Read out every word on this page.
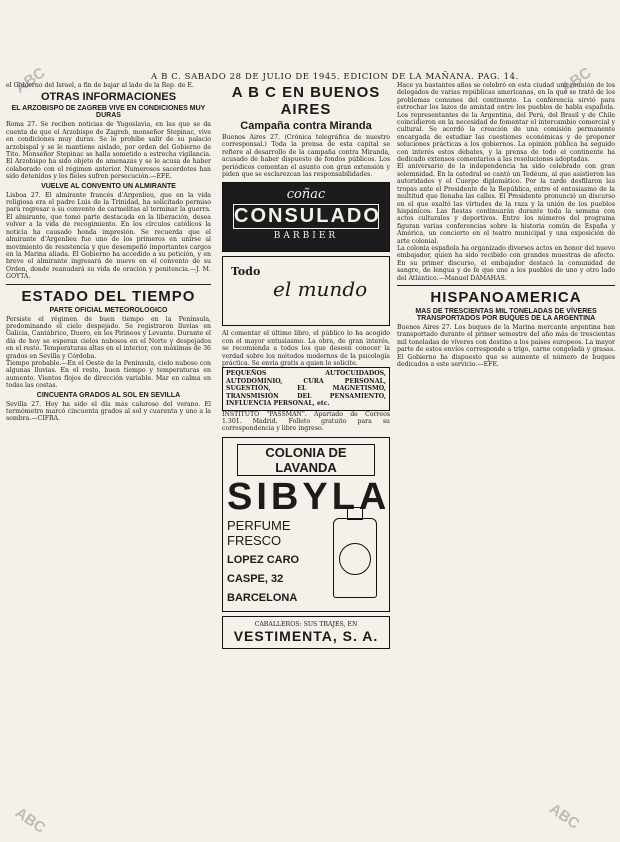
A B C. SABADO 28 DE JULIO DE 1945. EDICION DE LA MAÑANA. PAG. 14.
ABC	ABC
ABC	ABC

el Gobierno del Israel, a fin de bajar al lado de la Rep. de E.

OTRAS INFORMACIONES
EL ARZOBISPO DE ZAGREB VIVE EN CONDICIONES MUY DURAS

Roma 27. Se reciben noticias de Yugoslavia, en las que se da cuenta de que el Arzobispo de Zagreb, monseñor Stepinac, vive en condiciones muy duras. Se le prohíbe salir de su palacio arzobispal y se le mantiene aislado, por orden del Gobierno de Tito. Monseñor Stepinac se halla sometido a estrecha vigilancia. El Arzobispo ha sido objeto de amenazas y se le acusa de haber colaborado con el régimen anterior. Numerosos sacerdotes han sido detenidos y los fieles sufren persecución.—EFE.

VUELVE AL CONVENTO UN ALMIRANTE

Lisboa 27. El almirante francés d'Argenlieu, que en la vida religiosa era el padre Luis de la Trinidad, ha solicitado permiso para regresar a su convento de carmelitas al terminar la guerra. El almirante, que tomó parte destacada en la liberación, desea volver a la vida de recogimiento. En los círculos católicos la noticia ha causado honda impresión. Se recuerda que el almirante d'Argenlieu fue uno de los primeros en unirse al movimiento de resistencia y que desempeñó importantes cargos en la Marina aliada. El Gobierno ha accedido a su petición, y en breve el almirante ingresará de nuevo en el convento de su Orden, donde reanudará su vida de oración y penitencia.—J. M. GOYTA.

ESTADO DEL TIEMPO
PARTE OFICIAL METEOROLOGICO

Persiste el régimen de buen tiempo en la Península, predominando el cielo despejado. Se registraron lluvias en Galicia, Cantábrico, Duero, en los Pirineos y Levante. Durante el día de hoy se esperan cielos nubosos en el Norte y despejados en el resto. Temperaturas altas en el interior, con máximas de 36 grados en Sevilla y Córdoba.

Tiempo probable.—En el Oeste de la Península, cielo nuboso con algunas lluvias. En el resto, buen tiempo y temperaturas en aumento. Vientos flojos de dirección variable. Mar en calma en todas las costas.

CINCUENTA GRADOS AL SOL EN SEVILLA

Sevilla 27. Hoy ha sido el día más caluroso del verano. El termómetro marcó cincuenta grados al sol y cuarenta y uno a la sombra.—CIFRA.

A B C EN BUENOS AIRES
Campaña contra Miranda

Buenos Aires 27. (Crónica telegráfica de nuestro corresponsal.) Toda la prensa de esta capital se refiere al desarrollo de la campaña contra Miranda, acusado de haber dispuesto de fondos públicos. Los periódicos comentan el asunto con gran extensión y piden que se esclarezcan las responsabilidades.

coñac
CONSULADO
BARBIER
Todo
el mundo

Al comentar el último libro, el público lo ha acogido con el mayor entusiasmo. La obra, de gran interés, se recomienda a todos los que deseen conocer la verdad sobre los métodos modernos de la psicología práctica. Se envía gratis a quien lo solicite.

PEQUEÑOS AUTOCUIDADOS, AUTODOMINIO, CURA PERSONAL, SUGESTIÓN, EL MAGNETISMO, TRANSMISIÓN DEL PENSAMIENTO, INFLUENCIA PERSONAL, etc.

INSTITUTO "PASSMAN". Apartado de Correos 1.301. Madrid. Folleto gratuito para su correspondencia y libre ingreso.

COLONIA DE LAVANDA
SIBYLA
PERFUME
FRESCO
LOPEZ CARO
CASPE, 32
BARCELONA
CABALLEROS: SUS TRAJES, EN
VESTIMENTA, S. A.

Hace ya bastantes años se celebró en esta ciudad una reunión de los delegados de varias repúblicas americanas, en la que se trató de los problemas comunes del continente. La conferencia sirvió para estrechar los lazos de amistad entre los pueblos de habla española. Los representantes de la Argentina, del Perú, del Brasil y de Chile coincidieron en la necesidad de fomentar el intercambio comercial y cultural. Se acordó la creación de una comisión permanente encargada de estudiar las cuestiones económicas y de proponer soluciones prácticas a los gobiernos. La opinión pública ha seguido con interés estos debates, y la prensa de todo el continente ha dedicado extensos comentarios a las resoluciones adoptadas.

El aniversario de la independencia ha sido celebrado con gran solemnidad. En la catedral se cantó un Tedéum, al que asistieron las autoridades y el Cuerpo diplomático. Por la tarde desfilaron las tropas ante el Presidente de la República, entre el entusiasmo de la multitud que llenaba las calles. El Presidente pronunció un discurso en el que exaltó las virtudes de la raza y la unión de los pueblos hispánicos. Las fiestas continuarán durante toda la semana con actos culturales y deportivos. Entre los números del programa figuran varias conferencias sobre la historia común de España y América, un concierto en el teatro municipal y una exposición de arte colonial.

La colonia española ha organizado diversos actos en honor del nuevo embajador, quien ha sido recibido con grandes muestras de afecto. En su primer discurso, el embajador destacó la comunidad de sangre, de lengua y de fe que une a los pueblos de uno y otro lado del Atlántico.—Manuel DAMAHAS.

HISPANOAMERICA
MAS DE TRESCIENTAS MIL TONELADAS DE VÍVERES TRANSPORTADOS POR BUQUES DE LA ARGENTINA

Buenos Aires 27. Los buques de la Marina mercante argentina han transportado durante el primer semestre del año más de trescientas mil toneladas de víveres con destino a los países europeos. La mayor parte de estos envíos corresponde a trigo, carne congelada y grasas. El Gobierno ha dispuesto que se aumente el número de buques dedicados a este servicio.—EFE.
